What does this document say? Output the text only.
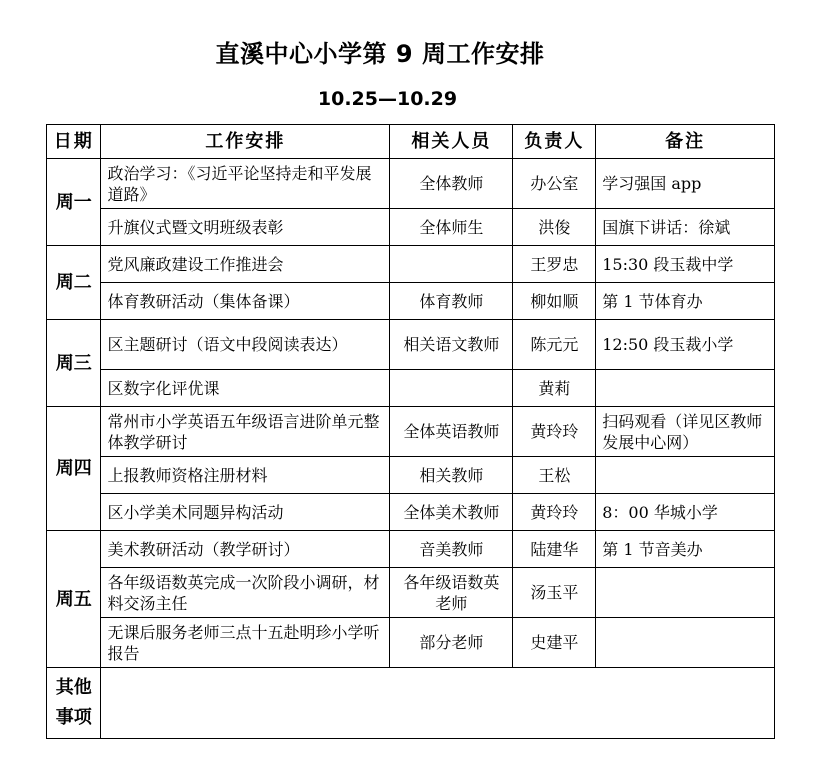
直溪中心小学第 9 周工作安排
10.25—10.29
日期	工作安排	相关人员	负责人	备注
周一	政治学习：《习近平论坚持走和平发展道路》	全体教师	办公室	学习强国 app
	升旗仪式暨文明班级表彰	全体师生	洪俊	国旗下讲话：徐斌
周二	党风廉政建设工作推进会		王罗忠	15:30 段玉裁中学
	体育教研活动（集体备课）	体育教师	柳如顺	第 1 节体育办
周三	区主题研讨（语文中段阅读表达）	相关语文教师	陈元元	12:50 段玉裁小学
	区数字化评优课		黄莉	
周四	常州市小学英语五年级语言进阶单元整体教学研讨	全体英语教师	黄玲玲	扫码观看（详见区教师发展中心网）
	上报教师资格注册材料	相关教师	王松	
	区小学美术同题异构活动	全体美术教师	黄玲玲	8：00 华城小学
周五	美术教研活动（教学研讨）	音美教师	陆建华	第 1 节音美办
	各年级语数英完成一次阶段小调研，材料交汤主任	各年级语数英老师	汤玉平	
	无课后服务老师三点十五赴明珍小学听报告	部分老师	史建平	

其他
事项				
